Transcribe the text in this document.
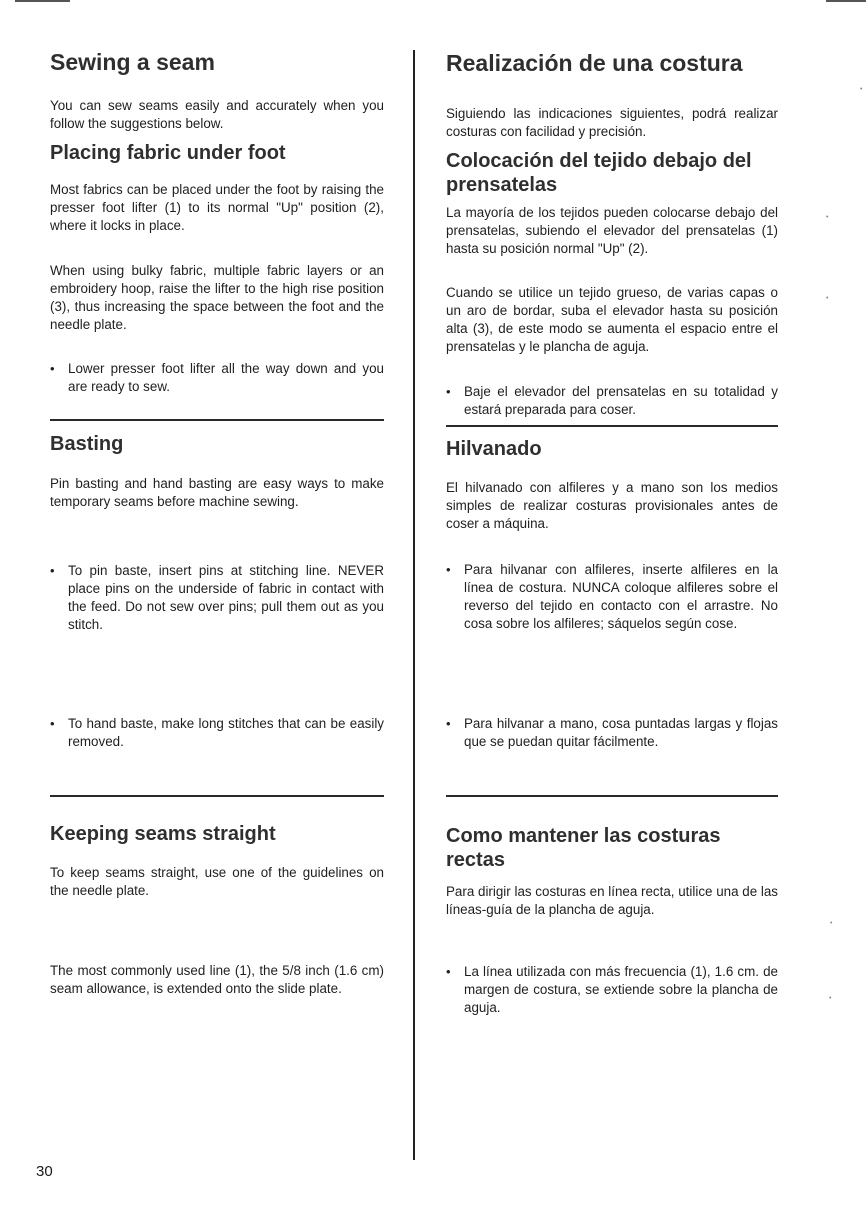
Sewing a seam

You can sew seams easily and accurately when you follow the suggestions below.

Placing fabric under foot

Most fabrics can be placed under the foot by raising the presser foot lifter (1) to its normal "Up" position (2), where it locks in place.

When using bulky fabric, multiple fabric layers or an embroidery hoop, raise the lifter to the high rise position (3), thus increasing the space between the foot and the needle plate.

• Lower presser foot lifter all the way down and you are ready to sew.

Basting

Pin basting and hand basting are easy ways to make temporary seams before machine sewing.

• To pin baste, insert pins at stitching line. NEVER place pins on the underside of fabric in contact with the feed. Do not sew over pins; pull them out as you stitch.

• To hand baste, make long stitches that can be easily removed.

Keeping seams straight

To keep seams straight, use one of the guidelines on the needle plate.

The most commonly used line (1), the 5/8 inch (1.6 cm) seam allowance, is extended onto the slide plate.

Realización de una costura

Siguiendo las indicaciones siguientes, podrá realizar costuras con facilidad y precisión.

Colocación del tejido debajo del prensatelas

La mayoría de los tejidos pueden colocarse debajo del prensatelas, subiendo el elevador del prensatelas (1) hasta su posición normal "Up" (2).

Cuando se utilice un tejido grueso, de varias capas o un aro de bordar, suba el elevador hasta su posición alta (3), de este modo se aumenta el espacio entre el prensatelas y le plancha de aguja.

• Baje el elevador del prensatelas en su totalidad y estará preparada para coser.

Hilvanado

El hilvanado con alfileres y a mano son los medios simples de realizar costuras provisionales antes de coser a máquina.

• Para hilvanar con alfileres, inserte alfileres en la línea de costura. NUNCA coloque alfileres sobre el reverso del tejido en contacto con el arrastre. No cosa sobre los alfileres; sáquelos según cose.

• Para hilvanar a mano, cosa puntadas largas y flojas que se puedan quitar fácilmente.

Como mantener las costuras rectas

Para dirigir las costuras en línea recta, utilice una de las líneas-guía de la plancha de aguja.

• La línea utilizada con más frecuencia (1), 1.6 cm. de margen de costura, se extiende sobre la plancha de aguja.

30
•
•
•
•
•
